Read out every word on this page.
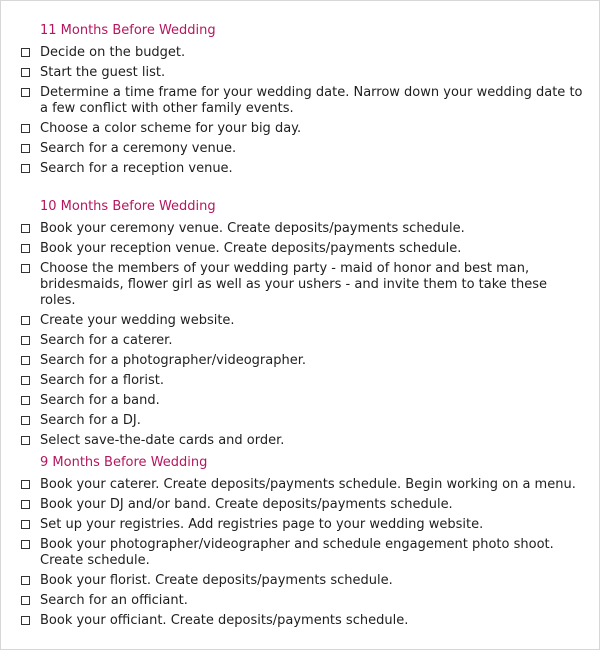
11 Months Before Wedding
Decide on the budget.
Start the guest list.
Determine a time frame for your wedding date. Narrow down your wedding date to a few conflict with other family events.
Choose a color scheme for your big day.
Search for a ceremony venue.
Search for a reception venue.
10 Months Before Wedding
Book your ceremony venue. Create deposits/payments schedule.
Book your reception venue. Create deposits/payments schedule.
Choose the members of your wedding party - maid of honor and best man, bridesmaids, flower girl as well as your ushers - and invite them to take these roles.
Create your wedding website.
Search for a caterer.
Search for a photographer/videographer.
Search for a florist.
Search for a band.
Search for a DJ.
Select save-the-date cards and order.
9 Months Before Wedding
Book your caterer. Create deposits/payments schedule. Begin working on a menu.
Book your DJ and/or band. Create deposits/payments schedule.
Set up your registries. Add registries page to your wedding website.
Book your photographer/videographer and schedule engagement photo shoot. Create schedule.
Book your florist. Create deposits/payments schedule.
Search for an officiant.
Book your officiant. Create deposits/payments schedule.
